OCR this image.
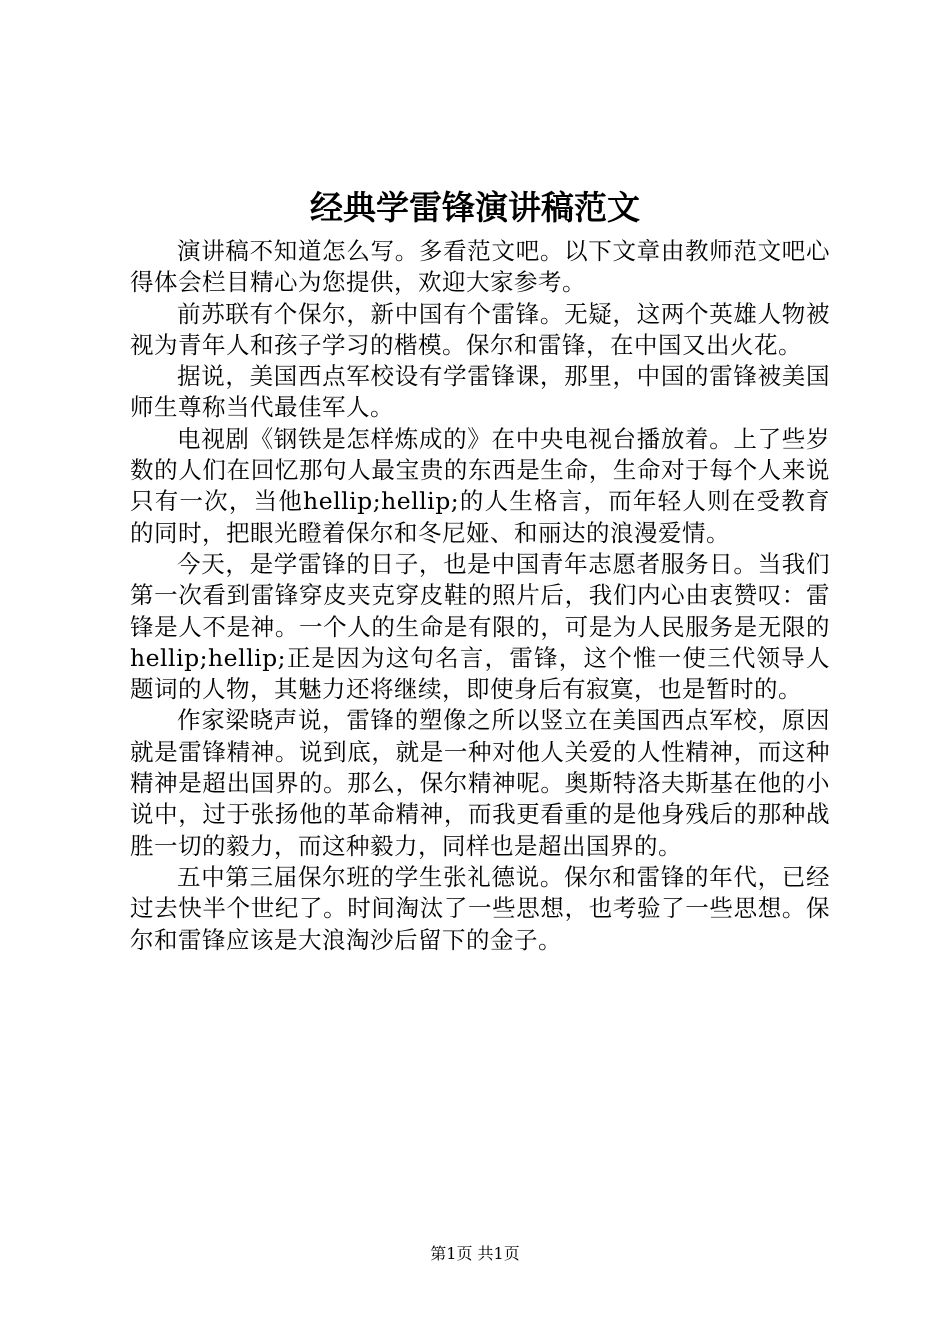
经典学雷锋演讲稿范文

演讲稿不知道怎么写。多看范文吧。以下文章由教师范文吧心得体会栏目精心为您提供，欢迎大家参考。

前苏联有个保尔，新中国有个雷锋。无疑，这两个英雄人物被视为青年人和孩子学习的楷模。保尔和雷锋，在中国又出火花。

据说，美国西点军校设有学雷锋课，那里，中国的雷锋被美国师生尊称当代最佳军人。

电视剧《钢铁是怎样炼成的》在中央电视台播放着。上了些岁数的人们在回忆那句人最宝贵的东西是生命，生命对于每个人来说只有一次，当他hellip;hellip;的人生格言，而年轻人则在受教育的同时，把眼光瞪着保尔和冬尼娅、和丽达的浪漫爱情。

今天，是学雷锋的日子，也是中国青年志愿者服务日。当我们第一次看到雷锋穿皮夹克穿皮鞋的照片后，我们内心由衷赞叹：雷锋是人不是神。一个人的生命是有限的，可是为人民服务是无限的hellip;hellip;正是因为这句名言，雷锋，这个惟一使三代领导人题词的人物，其魅力还将继续，即使身后有寂寞，也是暂时的。

作家梁晓声说，雷锋的塑像之所以竖立在美国西点军校，原因就是雷锋精神。说到底，就是一种对他人关爱的人性精神，而这种精神是超出国界的。那么，保尔精神呢。奥斯特洛夫斯基在他的小说中，过于张扬他的革命精神，而我更看重的是他身残后的那种战胜一切的毅力，而这种毅力，同样也是超出国界的。

五中第三届保尔班的学生张礼德说。保尔和雷锋的年代，已经过去快半个世纪了。时间淘汰了一些思想，也考验了一些思想。保尔和雷锋应该是大浪淘沙后留下的金子。

第1页 共1页
